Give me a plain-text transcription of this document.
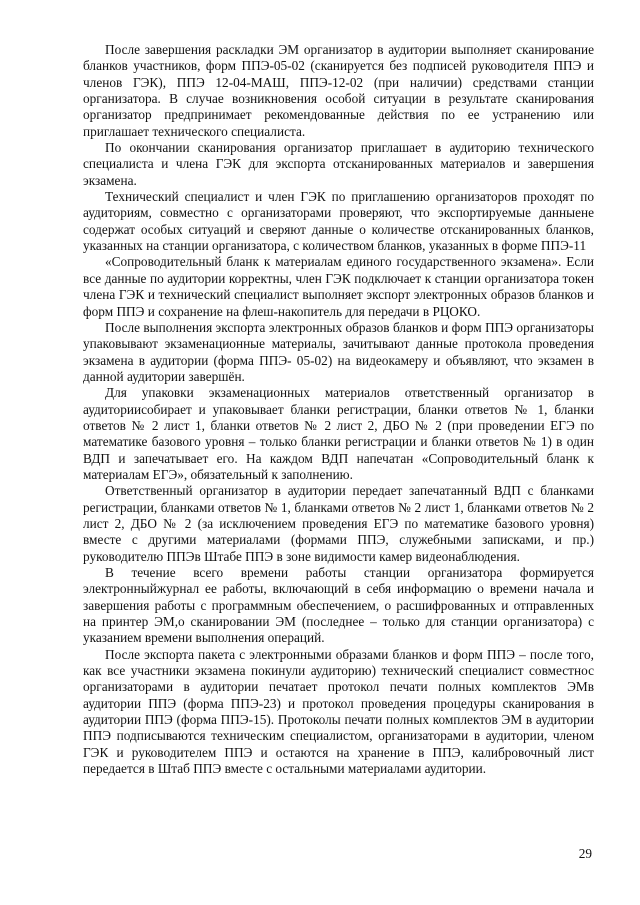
После завершения раскладки ЭМ организатор в аудитории выполняет сканирование бланков участников, форм ППЭ-05-02 (сканируется без подписей руководителя ППЭ и членов ГЭК), ППЭ 12-04-МАШ, ППЭ-12-02 (при наличии) средствами станции организатора. В случае возникновения особой ситуации в результате сканирования организатор предпринимает рекомендованные действия по ее устранению или приглашает технического специалиста.

По окончании сканирования организатор приглашает в аудиторию технического специалиста и члена ГЭК для экспорта отсканированных материалов и завершения экзамена.

Технический специалист и член ГЭК по приглашению организаторов проходят по аудиториям, совместно с организаторами проверяют, что экспортируемые данныене содержат особых ситуаций и сверяют данные о количестве отсканированных бланков, указанных на станции организатора, с количеством бланков, указанных в форме ППЭ-11

«Сопроводительный бланк к материалам единого государственного экзамена». Если все данные по аудитории корректны, член ГЭК подключает к станции организатора токен члена ГЭК и технический специалист выполняет экспорт электронных образов бланков и форм ППЭ и сохранение на флеш-накопитель для передачи в РЦОКО.

После выполнения экспорта электронных образов бланков и форм ППЭ организаторы упаковывают экзаменационные материалы, зачитывают данные протокола проведения экзамена в аудитории (форма ППЭ- 05-02) на видеокамеру и объявляют, что экзамен в данной аудитории завершён.

Для упаковки экзаменационных материалов ответственный организатор в аудиториисобирает и упаковывает бланки регистрации, бланки ответов № 1, бланки ответов № 2 лист 1, бланки ответов № 2 лист 2, ДБО № 2 (при проведении ЕГЭ по математике базового уровня – только бланки регистрации и бланки ответов № 1) в один ВДП и запечатывает его. На каждом ВДП напечатан «Сопроводительный бланк к материалам ЕГЭ», обязательный к заполнению.

Ответственный организатор в аудитории передает запечатанный ВДП с бланками регистрации, бланками ответов № 1, бланками ответов № 2 лист 1, бланками ответов № 2 лист 2, ДБО № 2 (за исключением проведения ЕГЭ по математике базового уровня) вместе с другими материалами (формами ППЭ, служебными записками, и пр.) руководителю ППЭв Штабе ППЭ в зоне видимости камер видеонаблюдения.

В течение всего времени работы станции организатора формируется электронныйжурнал ее работы, включающий в себя информацию о времени начала и завершения работы с программным обеспечением, о расшифрованных и отправленных на принтер ЭМ,о сканировании ЭМ (последнее – только для станции организатора) с указанием времени выполнения операций.

После экспорта пакета с электронными образами бланков и форм ППЭ – после того, как все участники экзамена покинули аудиторию) технический специалист совместнос организаторами в аудитории печатает протокол печати полных комплектов ЭМв аудитории ППЭ (форма ППЭ-23) и протокол проведения процедуры сканирования в аудитории ППЭ (форма ППЭ-15). Протоколы печати полных комплектов ЭМ в аудитории ППЭ подписываются техническим специалистом, организаторами в аудитории, членом ГЭК и руководителем ППЭ и остаются на хранение в ППЭ, калибровочный лист передается в Штаб ППЭ вместе с остальными материалами аудитории.

29
